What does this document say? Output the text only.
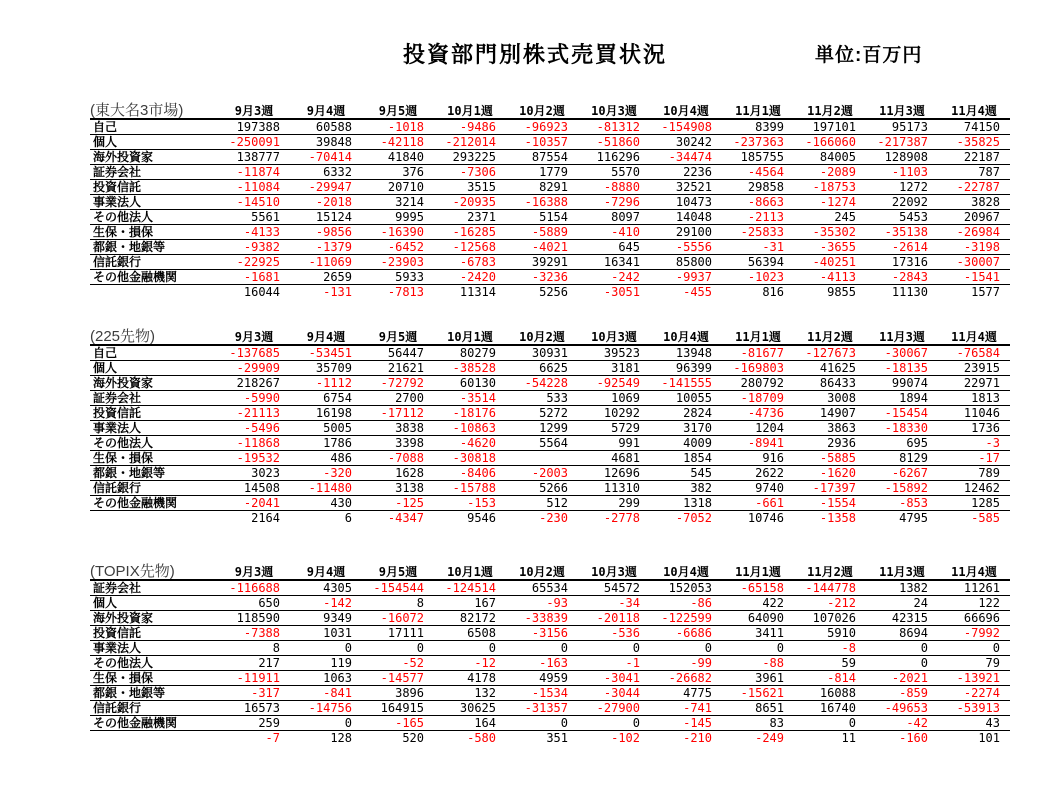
投資部門別株式売買状況	単位:百万円
(東大名3市場)	9月3週	9月4週	9月5週	10月1週	10月2週	10月3週	10月4週	11月1週	11月2週	11月3週	11月4週
自己	197388	60588	-1018	-9486	-96923	-81312	-154908	8399	197101	95173	74150
個人	-250091	39848	-42118	-212014	-10357	-51860	30242	-237363	-166060	-217387	-35825
海外投資家	138777	-70414	41840	293225	87554	116296	-34474	185755	84005	128908	22187
証券会社	-11874	6332	376	-7306	1779	5570	2236	-4564	-2089	-1103	787
投資信託	-11084	-29947	20710	3515	8291	-8880	32521	29858	-18753	1272	-22787
事業法人	-14510	-2018	3214	-20935	-16388	-7296	10473	-8663	-1274	22092	3828
その他法人	5561	15124	9995	2371	5154	8097	14048	-2113	245	5453	20967
生保・損保	-4133	-9856	-16390	-16285	-5889	-410	29100	-25833	-35302	-35138	-26984
都銀・地銀等	-9382	-1379	-6452	-12568	-4021	645	-5556	-31	-3655	-2614	-3198
信託銀行	-22925	-11069	-23903	-6783	39291	16341	85800	56394	-40251	17316	-30007
その他金融機関	-1681	2659	5933	-2420	-3236	-242	-9937	-1023	-4113	-2843	-1541
	16044	-131	-7813	11314	5256	-3051	-455	816	9855	11130	1577
(225先物)	9月3週	9月4週	9月5週	10月1週	10月2週	10月3週	10月4週	11月1週	11月2週	11月3週	11月4週
自己	-137685	-53451	56447	80279	30931	39523	13948	-81677	-127673	-30067	-76584
個人	-29909	35709	21621	-38528	6625	3181	96399	-169803	41625	-18135	23915
海外投資家	218267	-1112	-72792	60130	-54228	-92549	-141555	280792	86433	99074	22971
証券会社	-5990	6754	2700	-3514	533	1069	10055	-18709	3008	1894	1813
投資信託	-21113	16198	-17112	-18176	5272	10292	2824	-4736	14907	-15454	11046
事業法人	-5496	5005	3838	-10863	1299	5729	3170	1204	3863	-18330	1736
その他法人	-11868	1786	3398	-4620	5564	991	4009	-8941	2936	695	-3
生保・損保	-19532	486	-7088	-30818		4681	1854	916	-5885	8129	-17
都銀・地銀等	3023	-320	1628	-8406	-2003	12696	545	2622	-1620	-6267	789
信託銀行	14508	-11480	3138	-15788	5266	11310	382	9740	-17397	-15892	12462
その他金融機関	-2041	430	-125	-153	512	299	1318	-661	-1554	-853	1285
	2164	6	-4347	9546	-230	-2778	-7052	10746	-1358	4795	-585
(TOPIX先物)	9月3週	9月4週	9月5週	10月1週	10月2週	10月3週	10月4週	11月1週	11月2週	11月3週	11月4週
証券会社	-116688	4305	-154544	-124514	65534	54572	152053	-65158	-144778	1382	11261
個人	650	-142	8	167	-93	-34	-86	422	-212	24	122
海外投資家	118590	9349	-16072	82172	-33839	-20118	-122599	64090	107026	42315	66696
投資信託	-7388	1031	17111	6508	-3156	-536	-6686	3411	5910	8694	-7992
事業法人	8	0	0	0	0	0	0	0	-8	0	0
その他法人	217	119	-52	-12	-163	-1	-99	-88	59	0	79
生保・損保	-11911	1063	-14577	4178	4959	-3041	-26682	3961	-814	-2021	-13921
都銀・地銀等	-317	-841	3896	132	-1534	-3044	4775	-15621	16088	-859	-2274
信託銀行	16573	-14756	164915	30625	-31357	-27900	-741	8651	16740	-49653	-53913
その他金融機関	259	0	-165	164	0	0	-145	83	0	-42	43
	-7	128	520	-580	351	-102	-210	-249	11	-160	101
